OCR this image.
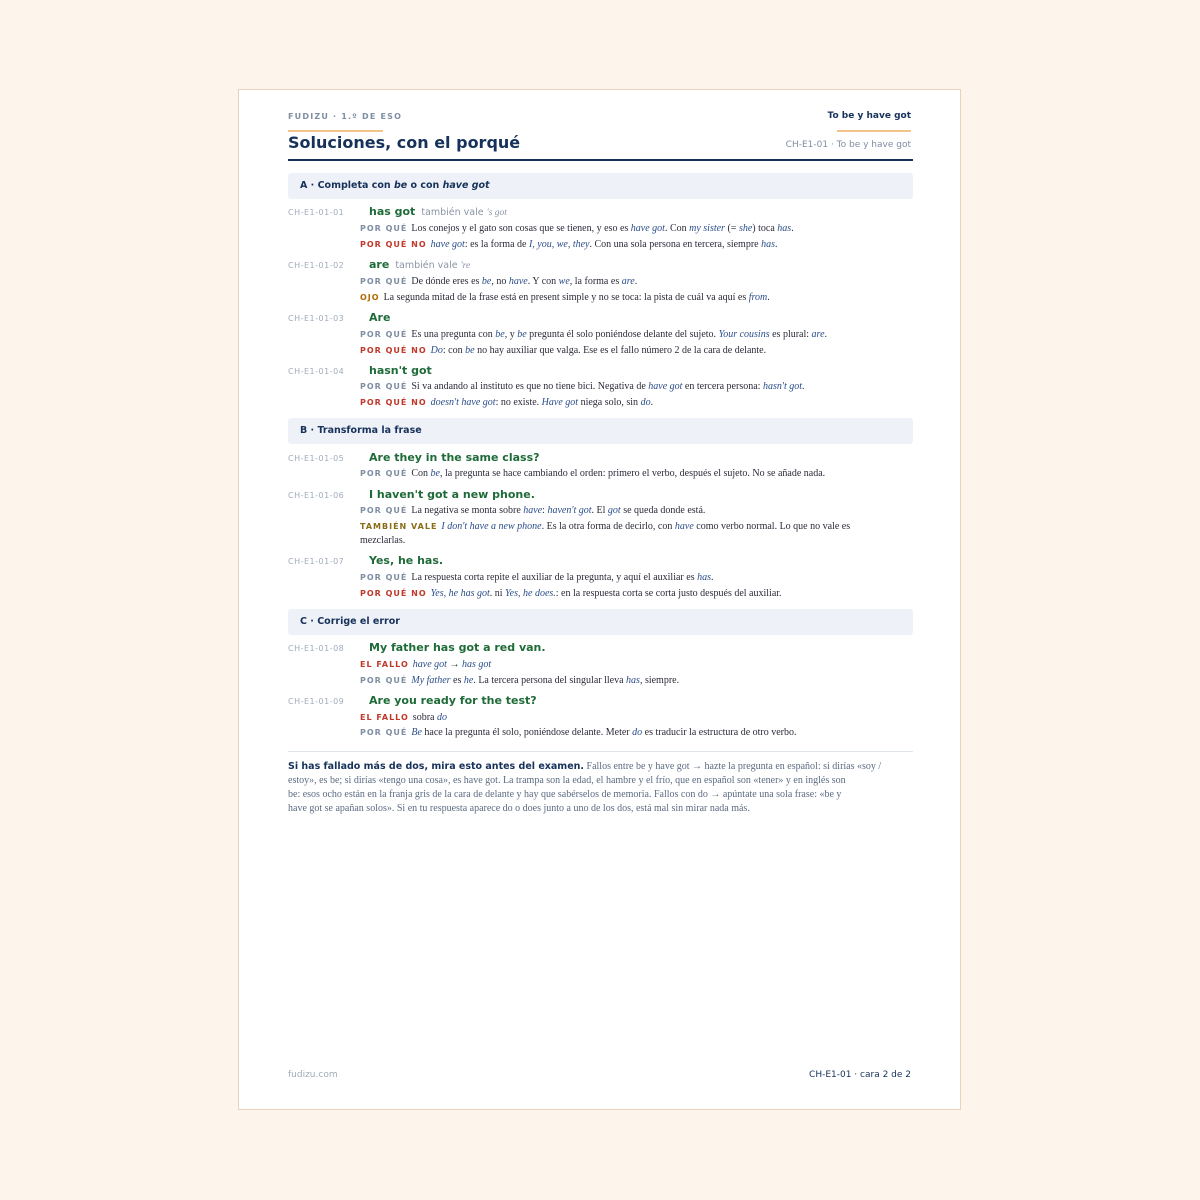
FUDIZU · 1.º DE ESO
Soluciones, con el porqué
To be y have got
CH-E1-01 · To be y have got
A · Completa con be o con have got
CH-E1-01-01 has got también vale 's got
POR QUÉ Los conejos y el gato son cosas que se tienen, y eso es have got. Con my sister (= she) toca has.
POR QUÉ NO have got: es la forma de I, you, we, they. Con una sola persona en tercera, siempre has.
CH-E1-01-02 are también vale 're
POR QUÉ De dónde eres es be, no have. Y con we, la forma es are.
OJO La segunda mitad de la frase está en present simple y no se toca: la pista de cuál va aquí es from.
CH-E1-01-03 Are
POR QUÉ Es una pregunta con be, y be pregunta él solo poniéndose delante del sujeto. Your cousins es plural: are.
POR QUÉ NO Do: con be no hay auxiliar que valga. Ese es el fallo número 2 de la cara de delante.
CH-E1-01-04 hasn't got
POR QUÉ Si va andando al instituto es que no tiene bici. Negativa de have got en tercera persona: hasn't got.
POR QUÉ NO doesn't have got: no existe. Have got niega solo, sin do.
B · Transforma la frase
CH-E1-01-05 Are they in the same class?
POR QUÉ Con be, la pregunta se hace cambiando el orden: primero el verbo, después el sujeto. No se añade nada.
CH-E1-01-06 I haven't got a new phone.
POR QUÉ La negativa se monta sobre have: haven't got. El got se queda donde está.
TAMBIÉN VALE I don't have a new phone. Es la otra forma de decirlo, con have como verbo normal. Lo que no vale es
mezclarlas.
CH-E1-01-07 Yes, he has.
POR QUÉ La respuesta corta repite el auxiliar de la pregunta, y aquí el auxiliar es has.
POR QUÉ NO Yes, he has got. ni Yes, he does.: en la respuesta corta se corta justo después del auxiliar.
C · Corrige el error
CH-E1-01-08 My father has got a red van.
EL FALLO have got → has got
POR QUÉ My father es he. La tercera persona del singular lleva has, siempre.
CH-E1-01-09 Are you ready for the test?
EL FALLO sobra do
POR QUÉ Be hace la pregunta él solo, poniéndose delante. Meter do es traducir la estructura de otro verbo.
Si has fallado más de dos, mira esto antes del examen. Fallos entre be y have got → hazte la pregunta en español: si dirías «soy /
estoy», es be; si dirías «tengo una cosa», es have got. La trampa son la edad, el hambre y el frío, que en español son «tener» y en inglés son
be: esos ocho están en la franja gris de la cara de delante y hay que sabérselos de memoria. Fallos con do → apúntate una sola frase: «be y
have got se apañan solos». Si en tu respuesta aparece do o does junto a uno de los dos, está mal sin mirar nada más.
fudizu.com	CH-E1-01 · cara 2 de 2
